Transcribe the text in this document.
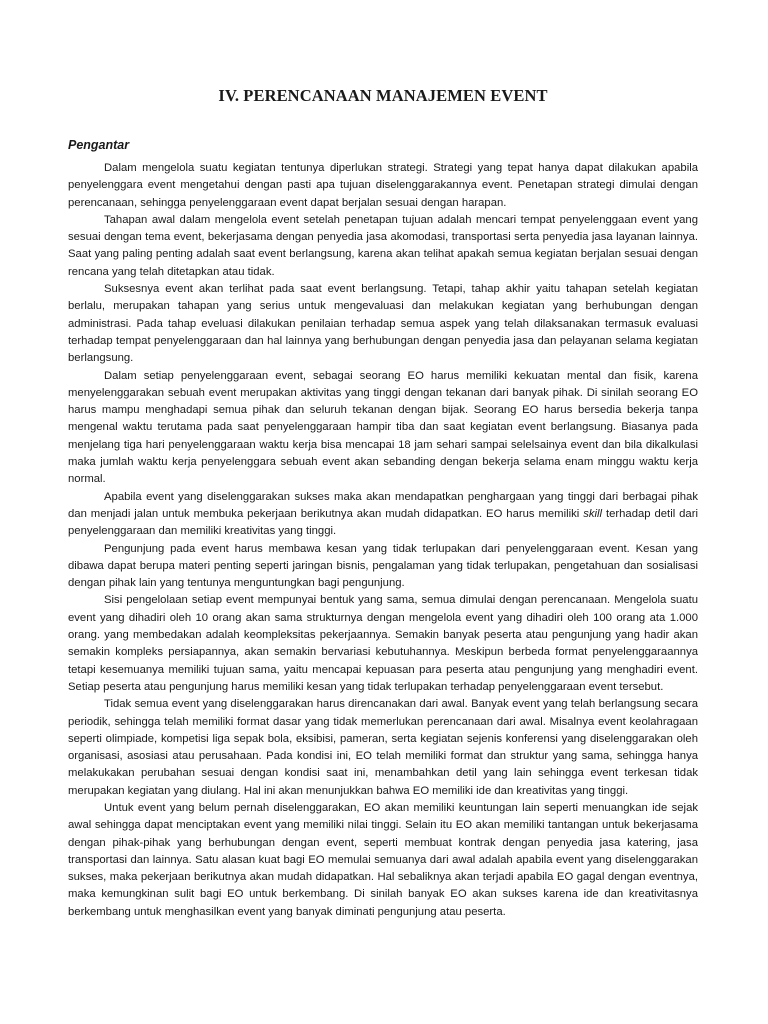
IV. PERENCANAAN MANAJEMEN EVENT
Pengantar

Dalam mengelola suatu kegiatan tentunya diperlukan strategi. Strategi yang tepat hanya dapat dilakukan apabila penyelenggara event mengetahui dengan pasti apa tujuan diselenggarakannya event. Penetapan strategi dimulai dengan perencanaan, sehingga penyelenggaraan event dapat berjalan sesuai dengan harapan.

Tahapan awal dalam mengelola event setelah penetapan tujuan adalah mencari tempat penyelenggaan event yang sesuai dengan tema event, bekerjasama dengan penyedia jasa akomodasi, transportasi serta penyedia jasa layanan lainnya. Saat yang paling penting adalah saat event berlangsung, karena akan telihat apakah semua kegiatan berjalan sesuai dengan rencana yang telah ditetapkan atau tidak.

Suksesnya event akan terlihat pada saat event berlangsung. Tetapi, tahap akhir yaitu tahapan setelah kegiatan berlalu, merupakan tahapan yang serius untuk mengevaluasi dan melakukan kegiatan yang berhubungan dengan administrasi. Pada tahap eveluasi dilakukan penilaian terhadap semua aspek yang telah dilaksanakan termasuk evaluasi terhadap tempat penyelenggaraan dan hal lainnya yang berhubungan dengan penyedia jasa dan pelayanan selama kegiatan berlangsung.

Dalam setiap penyelenggaraan event, sebagai seorang EO harus memiliki kekuatan mental dan fisik, karena menyelenggarakan sebuah event merupakan aktivitas yang tinggi dengan tekanan dari banyak pihak. Di sinilah seorang EO harus mampu menghadapi semua pihak dan seluruh tekanan dengan bijak. Seorang EO harus bersedia bekerja tanpa mengenal waktu terutama pada saat penyelenggaraan hampir tiba dan saat kegiatan event berlangsung. Biasanya pada menjelang tiga hari penyelenggaraan waktu kerja bisa mencapai 18 jam sehari sampai selelsainya event dan bila dikalkulasi maka jumlah waktu kerja penyelenggara sebuah event akan sebanding dengan bekerja selama enam minggu waktu kerja normal.

Apabila event yang diselenggarakan sukses maka akan mendapatkan penghargaan yang tinggi dari berbagai pihak dan menjadi jalan untuk membuka pekerjaan berikutnya akan mudah didapatkan. EO harus memiliki skill terhadap detil dari penyelenggaraan dan memiliki kreativitas yang tinggi.

Pengunjung pada event harus membawa kesan yang tidak terlupakan dari penyelenggaraan event. Kesan yang dibawa dapat berupa materi penting seperti jaringan bisnis, pengalaman yang tidak terlupakan, pengetahuan dan sosialisasi dengan pihak lain yang tentunya menguntungkan bagi pengunjung.

Sisi pengelolaan setiap event mempunyai bentuk yang sama, semua dimulai dengan perencanaan. Mengelola suatu event yang dihadiri oleh 10 orang akan sama strukturnya dengan mengelola event yang dihadiri oleh 100 orang ata 1.000 orang. yang membedakan adalah keompleksitas pekerjaannya. Semakin banyak peserta atau pengunjung yang hadir akan semakin kompleks persiapannya, akan semakin bervariasi kebutuhannya. Meskipun berbeda format penyelenggaraannya tetapi kesemuanya memiliki tujuan sama, yaitu mencapai kepuasan para peserta atau pengunjung yang menghadiri event. Setiap peserta atau pengunjung harus memiliki kesan yang tidak terlupakan terhadap penyelenggaraan event tersebut.

Tidak semua event yang diselenggarakan harus direncanakan dari awal. Banyak event yang telah berlangsung secara periodik, sehingga telah memiliki format dasar yang tidak memerlukan perencanaan dari awal. Misalnya event keolahragaan seperti olimpiade, kompetisi liga sepak bola, eksibisi, pameran, serta kegiatan sejenis konferensi yang diselenggarakan oleh organisasi, asosiasi atau perusahaan. Pada kondisi ini, EO telah memiliki format dan struktur yang sama, sehingga hanya melakukakan perubahan sesuai dengan kondisi saat ini, menambahkan detil yang lain sehingga event terkesan tidak merupakan kegiatan yang diulang. Hal ini akan menunjukkan bahwa EO memiliki ide dan kreativitas yang tinggi.

Untuk event yang belum pernah diselenggarakan, EO akan memiliki keuntungan lain seperti menuangkan ide sejak awal sehingga dapat menciptakan event yang memiliki nilai tinggi. Selain itu EO akan memiliki tantangan untuk bekerjasama dengan pihak-pihak yang berhubungan dengan event, seperti membuat kontrak dengan penyedia jasa katering, jasa transportasi dan lainnya. Satu alasan kuat bagi EO memulai semuanya dari awal adalah apabila event yang diselenggarakan sukses, maka pekerjaan berikutnya akan mudah didapatkan. Hal sebaliknya akan terjadi apabila EO gagal dengan eventnya, maka kemungkinan sulit bagi EO untuk berkembang. Di sinilah banyak EO akan sukses karena ide dan kreativitasnya berkembang untuk menghasilkan event yang banyak diminati pengunjung atau peserta.
